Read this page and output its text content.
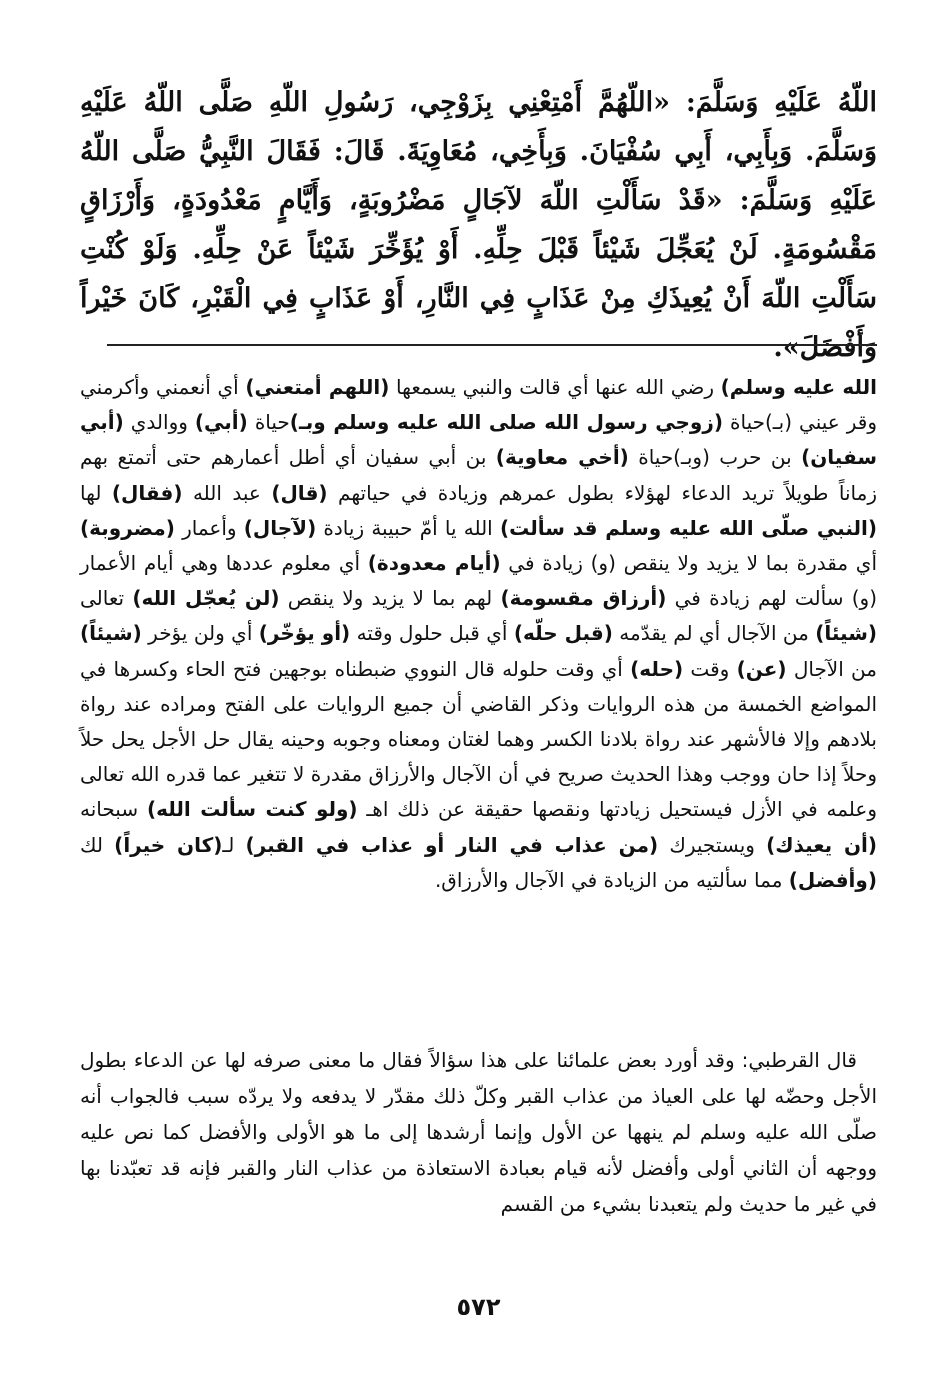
اللّهُ عَلَيْهِ وَسَلَّمَ: «اللّهُمَّ أَمْتِعْنِي بِزَوْجِي، رَسُولِ اللّهِ صَلَّى اللّهُ عَلَيْهِ وَسَلَّمَ. وَبِأَبِي، أَبِي سُفْيَانَ. وَبِأَخِي، مُعَاوِيَةَ. قَالَ: فَقَالَ النَّبِيُّ صَلَّى اللّهُ عَلَيْهِ وَسَلَّمَ: «قَدْ سَأَلْتِ اللّهَ لآجَالٍ مَضْرُوبَةٍ، وَأَيَّامٍ مَعْدُودَةٍ، وَأَرْزَاقٍ مَقْسُومَةٍ. لَنْ يُعَجِّلَ شَيْئاً قَبْلَ حِلِّهِ. أَوْ يُؤَخِّرَ شَيْئاً عَنْ حِلِّهِ. وَلَوْ كُنْتِ سَأَلْتِ اللّهَ أَنْ يُعِيذَكِ مِنْ عَذَابٍ فِي النَّارِ، أَوْ عَذَابٍ فِي الْقَبْرِ، كَانَ خَيْراً وَأَفْضَلَ».

الله عليه وسلم) رضي الله عنها أي قالت والنبي يسمعها (اللهم أمتعني) أي أنعمني وأكرمني وقر عيني (بـ)حياة (زوجي رسول الله صلى الله عليه وسلم وبـ)حياة (أبي) ووالدي (أبي سفيان) بن حرب (وبـ)حياة (أخي معاوية) بن أبي سفيان أي أطل أعمارهم حتى أتمتع بهم زماناً طويلاً تريد الدعاء لهؤلاء بطول عمرهم وزيادة في حياتهم (قال) عبد الله (فقال) لها (النبي صلّى الله عليه وسلم قد سألت) الله يا أمّ حبيبة زيادة (لآجال) وأعمار (مضروبة) أي مقدرة بما لا يزيد ولا ينقص (و) زيادة في (أيام معدودة) أي معلوم عددها وهي أيام الأعمار (و) سألت لهم زيادة في (أرزاق مقسومة) لهم بما لا يزيد ولا ينقص (لن يُعجّل الله) تعالى (شيئاً) من الآجال أي لم يقدّمه (قبل حلّه) أي قبل حلول وقته (أو يؤخّر) أي ولن يؤخر (شيئاً) من الآجال (عن) وقت (حله) أي وقت حلوله قال النووي ضبطناه بوجهين فتح الحاء وكسرها في المواضع الخمسة من هذه الروايات وذكر القاضي أن جميع الروايات على الفتح ومراده عند رواة بلادهم وإلا فالأشهر عند رواة بلادنا الكسر وهما لغتان ومعناه وجوبه وحينه يقال حل الأجل يحل حلاً وحلاً إذا حان ووجب وهذا الحديث صريح في أن الآجال والأرزاق مقدرة لا تتغير عما قدره الله تعالى وعلمه في الأزل فيستحيل زيادتها ونقصها حقيقة عن ذلك اهـ (ولو كنت سألت الله) سبحانه (أن يعيذك) ويستجيرك (من عذاب في النار أو عذاب في القبر) لـ(كان خيراً) لك (وأفضل) مما سألتيه من الزيادة في الآجال والأرزاق.

قال القرطبي: وقد أورد بعض علمائنا على هذا سؤالاً فقال ما معنى صرفه لها عن الدعاء بطول الأجل وحضّه لها على العياذ من عذاب القبر وكلّ ذلك مقدّر لا يدفعه ولا يردّه سبب فالجواب أنه صلّى الله عليه وسلم لم ينهها عن الأول وإنما أرشدها إلى ما هو الأولى والأفضل كما نص عليه ووجهه أن الثاني أولى وأفضل لأنه قيام بعبادة الاستعاذة من عذاب النار والقبر فإنه قد تعبّدنا بها في غير ما حديث ولم يتعبدنا بشيء من القسم

٥٧٢
